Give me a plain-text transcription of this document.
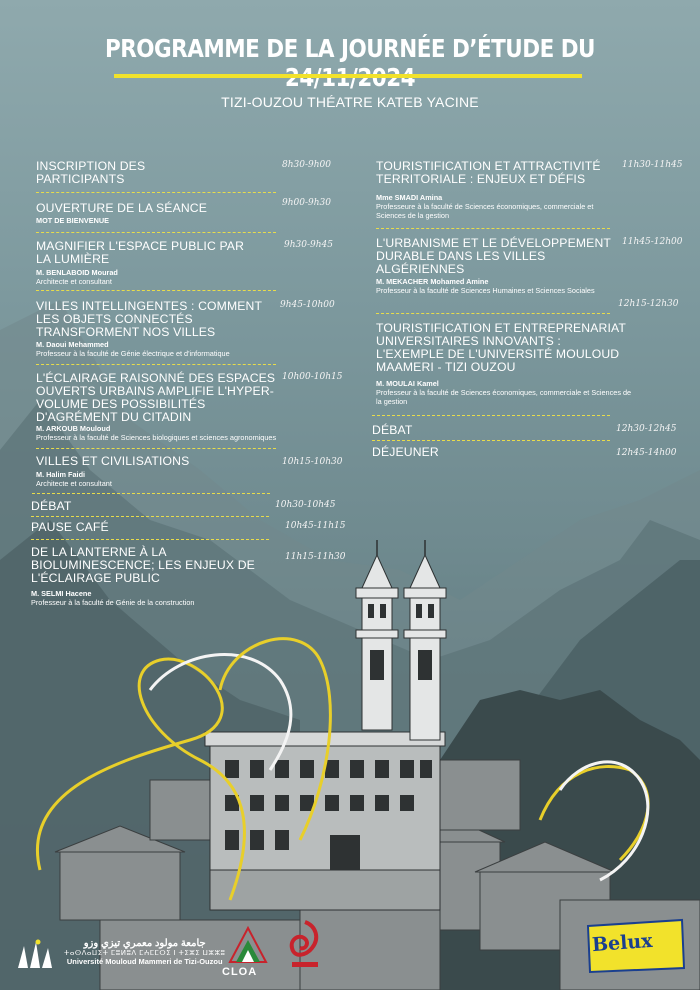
PROGRAMME DE LA JOURNÉE D’ÉTUDE DU
TIZI-OUZOU THÉATRE KATEB YACINE
INSCRIPTION DES PARTICIPANTS
8h30-9h00
OUVERTURE DE LA SÉANCE	9h00-9h30
MOT DE BIENVENUE
MAGNIFIER L'ESPACE PUBLIC PAR LA LUMIÈRE
9h30-9h45
M. BENLABOID Mourad
Architecte et consultant
VILLES INTELLINGENTES : COMMENT LES OBJETS CONNECTÉS TRANSFORMENT NOS VILLES
9h45-10h00
M. Daoui Mehammed
Professeur à la faculté de Génie électrique et d'informatique
L'ÉCLAIRAGE RAISONNÉ DES ESPACES OUVERTS URBAINS AMPLIFIE L'HYPER-VOLUME DES POSSIBILITÉS D'AGRÉMENT DU CITADIN
10h00-10h15
M. ARKOUB Mouloud
Professeur à la faculté de Sciences biologiques et sciences agronomiques
VILLES ET CIVILISATIONS	10h15-10h30
M. Halim Faidi
Architecte et consultant
DÉBAT	10h30-10h45
PAUSE CAFÉ	10h45-11h15
DE LA LANTERNE À LA BIOLUMINESCENCE; LES ENJEUX DE L'ÉCLAIRAGE PUBLIC
11h15-11h30
M. SELMI Hacene
Professeur à la faculté de Génie de la construction
TOURISTIFICATION ET ATTRACTIVITÉ TERRITORIALE : ENJEUX ET DÉFIS
11h30-11h45
Mme SMADI Amina
Professeure à la faculté de Sciences économiques, commerciale et Sciences de la gestion
L'URBANISME ET LE DÉVELOPPEMENT DURABLE DANS LES VILLES ALGÉRIENNES
11h45-12h00
M. MEKACHER Mohamed Amine
Professeur à la faculté de Sciences Humaines et Sciences Sociales
TOURISTIFICATION ET ENTREPRENARIAT UNIVERSITAIRES INNOVANTS : L'EXEMPLE DE L'UNIVERSITÉ MOULOUD MAAMERI - TIZI OUZOU
12h15-12h30
M. MOULAI Kamel
Professeur à la faculté de Sciences économiques, commerciale et Sciences de la gestion
DÉBAT	12h30-12h45
DÉJEUNER	12h45-14h00
جامعة مولود معمري تيزي وزو
ⵜⴰⵙⴷⴰⵡⵉⵜ ⵎⵓⵍⵓⴷ ⵎⵄⵎⵎⵔⵉ ⵏ ⵜⵉⵣⵉ ⵡⵣⵣⵓ
Université Mouloud Mammeri de Tizi-Ouzou
CLOA
Belux
